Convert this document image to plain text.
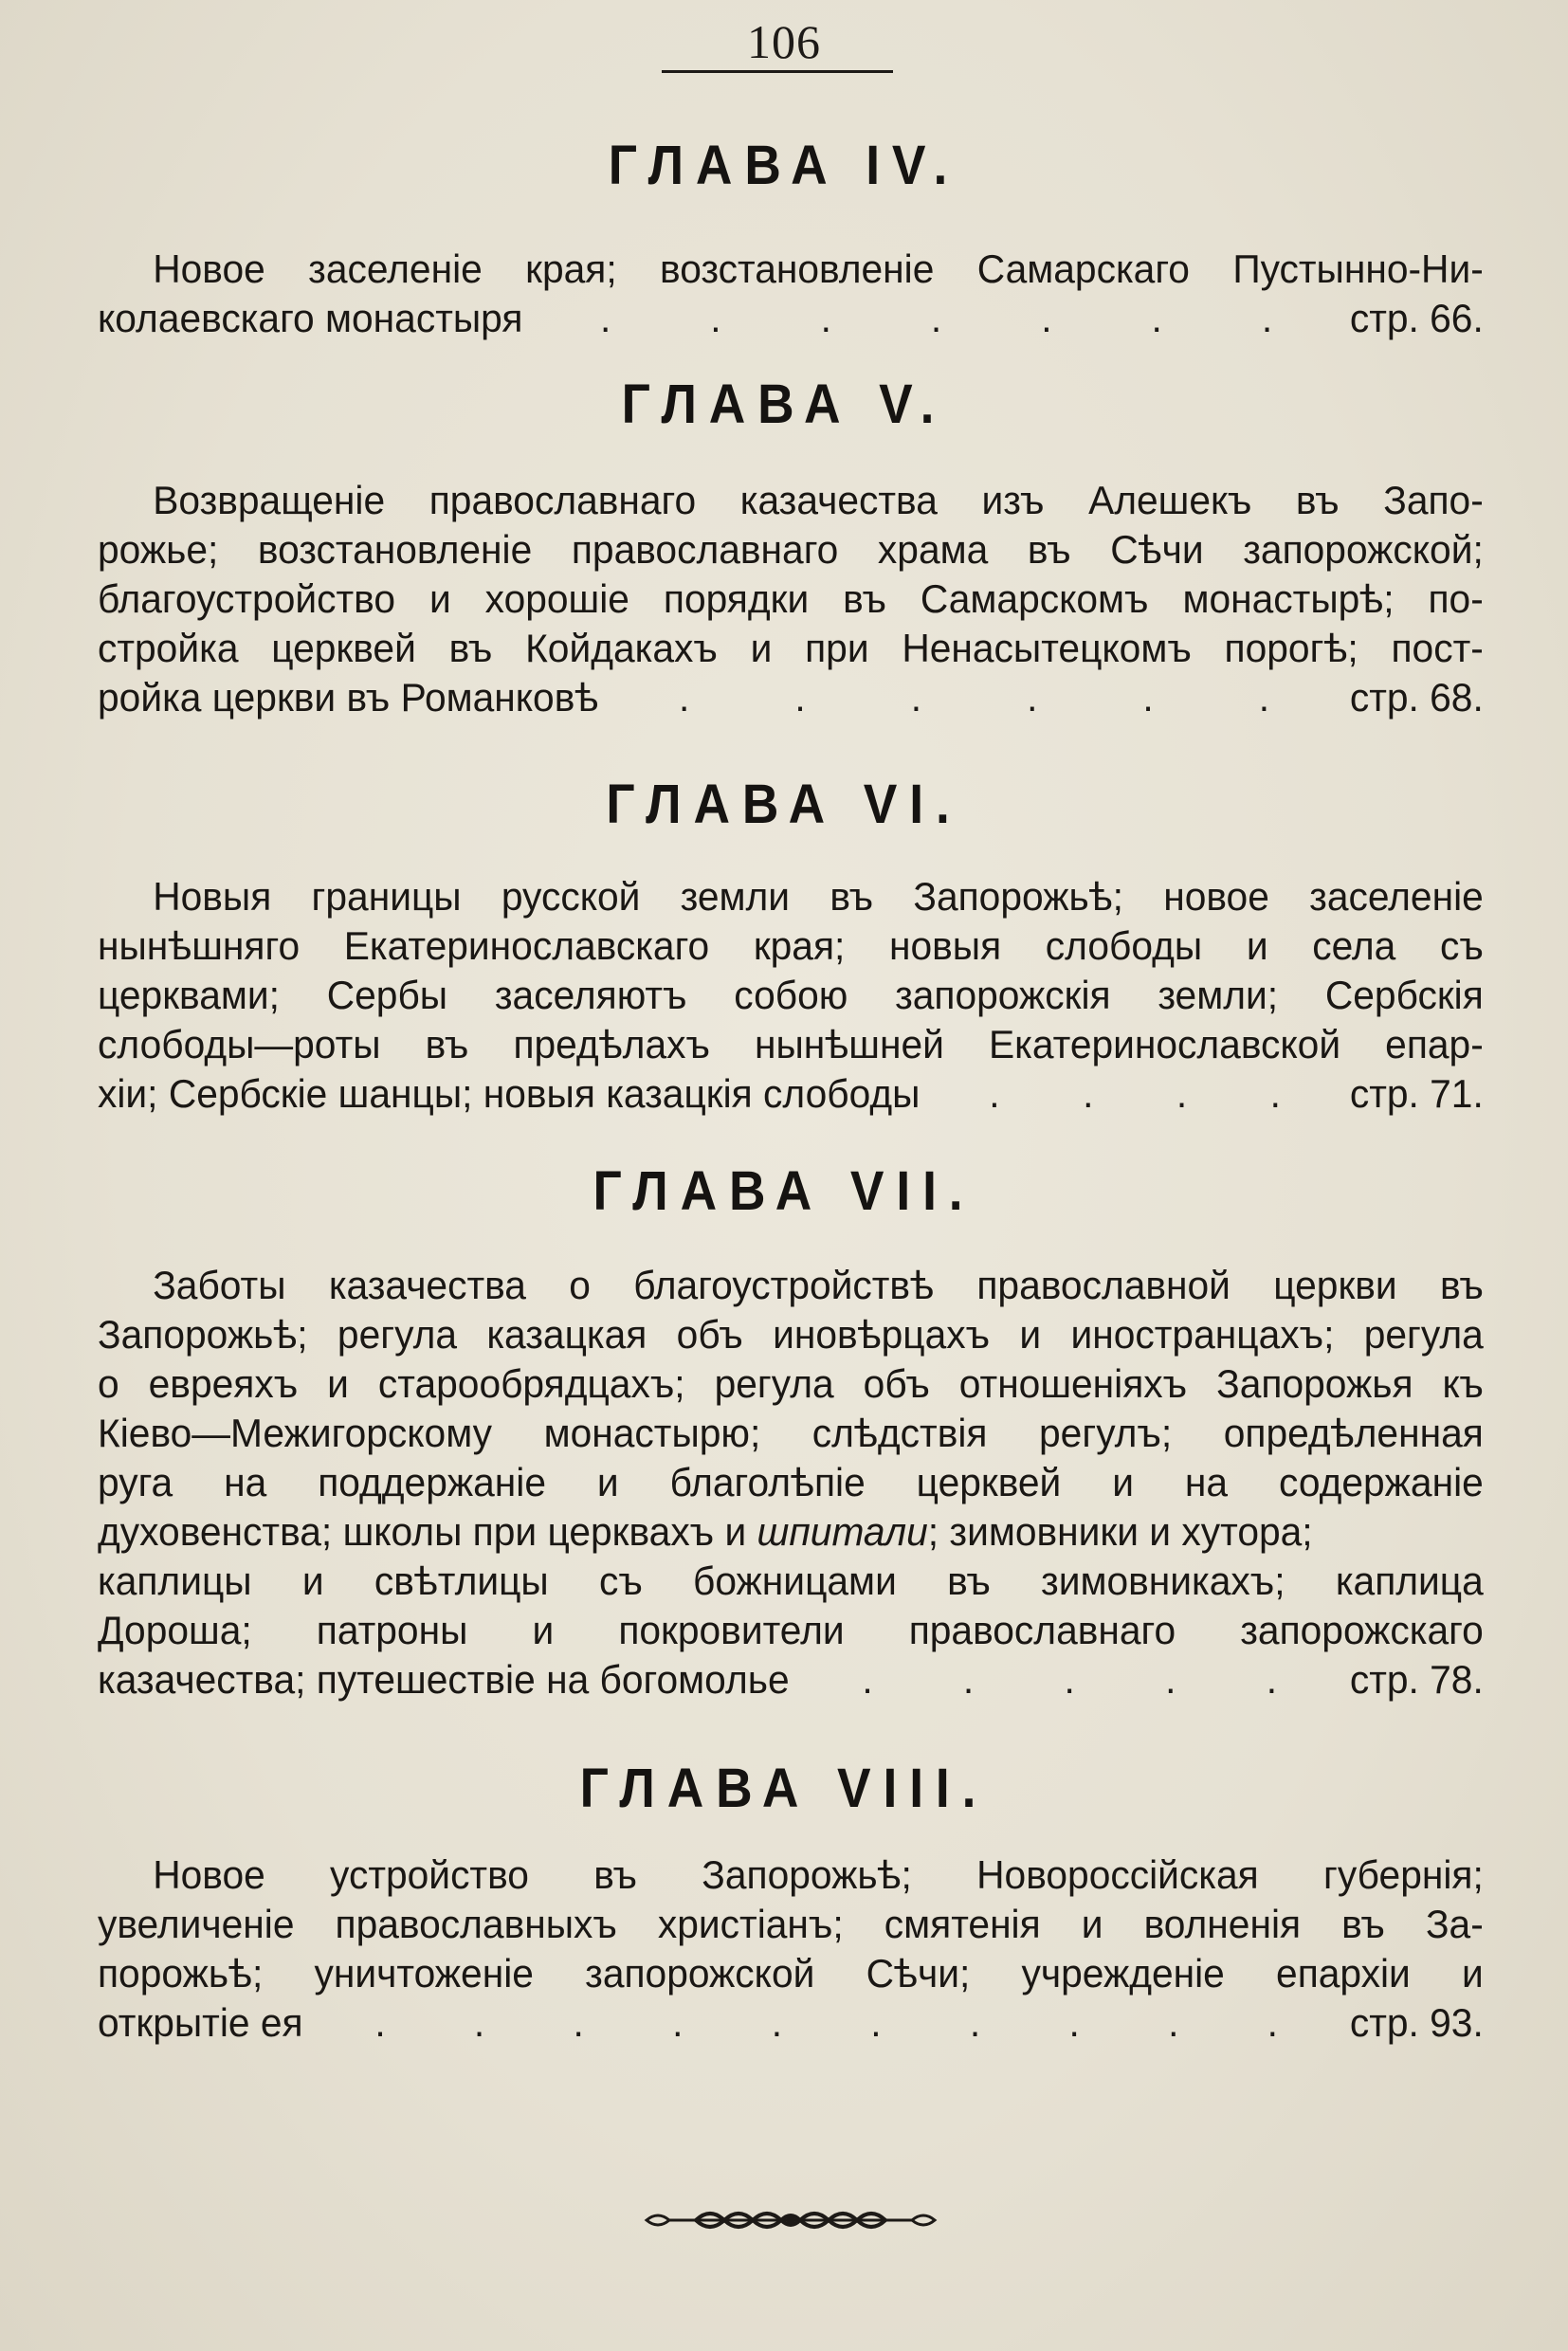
106
ГЛАВА IV.
Новое заселеніе края; возстановленіе Самарскаго Пустынно-Ни-
колаевскаго монастыря . . . . . . . стр. 66.
ГЛАВА V.
Возвращеніе православнаго казачества изъ Алешекъ въ Запо-
рожье; возстановленіе православнаго храма въ Сѣчи запорожской;
благоустройство и хорошіе порядки въ Самарскомъ монастырѣ; по-
стройка церквей въ Койдакахъ и при Ненасытецкомъ порогѣ; пост-
ройка церкви въ Романковѣ .	.	.	.	.	. стр. 68.
ГЛАВА VI.
Новыя границы русской земли въ Запорожьѣ; новое заселеніе
нынѣшняго Екатеринославскаго края; новыя слободы и села съ
церквами; Сербы заселяютъ собою запорожскія земли; Сербскія
слободы—роты въ предѣлахъ нынѣшней Екатеринославской епар-
хіи; Сербскіе шанцы; новыя казацкія слободы . . . . стр. 71.
ГЛАВА VII.
Заботы казачества о благоустройствѣ православной церкви въ
Запорожьѣ; регула казацкая объ иновѣрцахъ и иностранцахъ; регула
о евреяхъ и старообрядцахъ; регула объ отношеніяхъ Запорожья къ
Кіево—Межигорскому монастырю; слѣдствія регулъ; опредѣленная
руга на поддержаніе и благолѣпіе церквей и на содержаніе
духовенства; школы при церквахъ и шпитали; зимовники и хутора;
каплицы и свѣтлицы съ божницами въ зимовникахъ; каплица
Дороша; патроны и покровители православнаго запорожскаго
казачества; путешествіе на богомолье . . . . . стр. 78.
ГЛАВА VIII.
Новое устройство въ Запорожьѣ; Новороссійская губернія;
увеличеніе православныхъ христіанъ; смятенія и волненія въ За-
порожьѣ; уничтоженіе запорожской Сѣчи; учрежденіе епархіи и
открытіе ея . . . . . . . . . . стр. 93.
